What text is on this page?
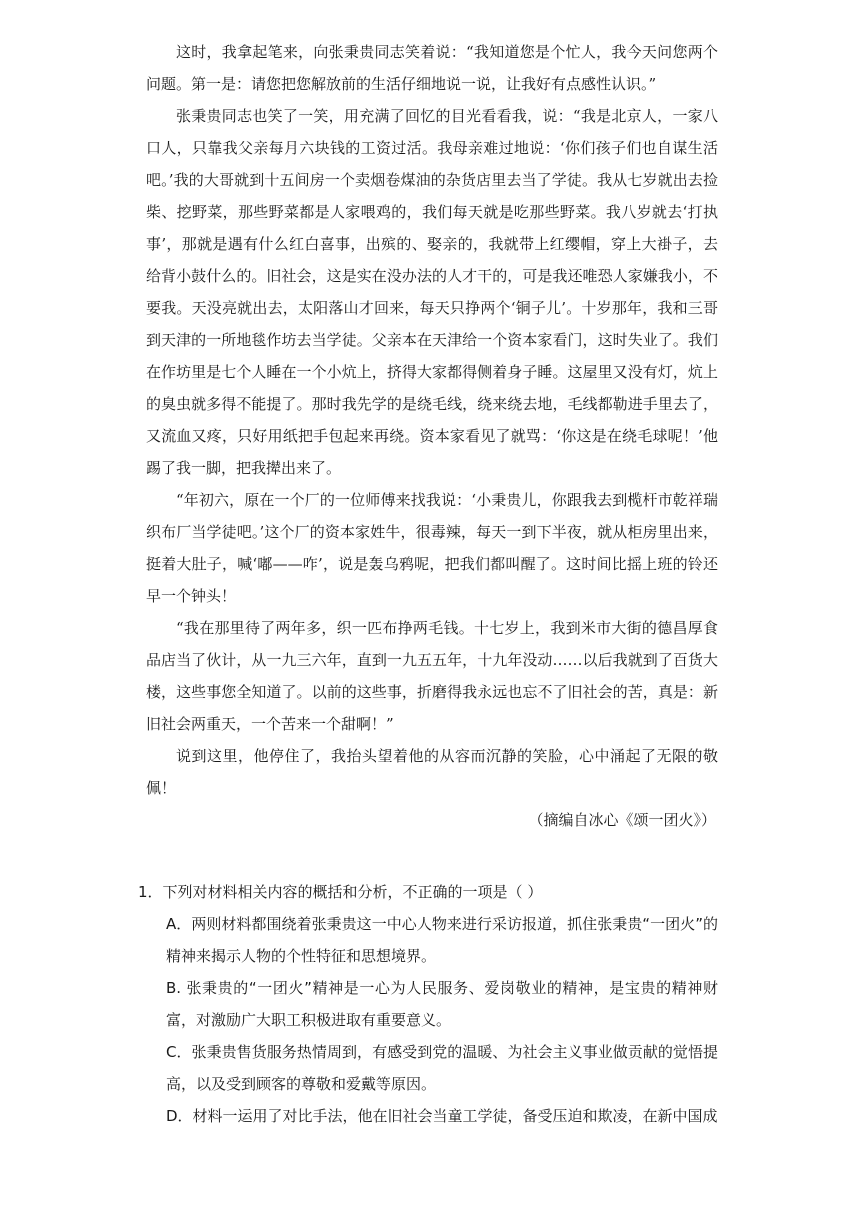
这时，我拿起笔来，向张秉贵同志笑着说：“我知道您是个忙人，我今天问您两个问题。第一是：请您把您解放前的生活仔细地说一说，让我好有点感性认识。”

张秉贵同志也笑了一笑，用充满了回忆的目光看看我，说：“我是北京人，一家八口人，只靠我父亲每月六块钱的工资过活。我母亲难过地说：‘你们孩子们也自谋生活吧。’我的大哥就到十五间房一个卖烟卷煤油的杂货店里去当了学徒。我从七岁就出去捡柴、挖野菜，那些野菜都是人家喂鸡的，我们每天就是吃那些野菜。我八岁就去‘打执事’，那就是遇有什么红白喜事，出殡的、娶亲的，我就带上红缨帽，穿上大褂子，去给背小鼓什么的。旧社会，这是实在没办法的人才干的，可是我还唯恐人家嫌我小，不要我。天没亮就出去，太阳落山才回来，每天只挣两个‘铜子儿’。十岁那年，我和三哥到天津的一所地毯作坊去当学徒。父亲本在天津给一个资本家看门，这时失业了。我们在作坊里是七个人睡在一个小炕上，挤得大家都得侧着身子睡。这屋里又没有灯，炕上的臭虫就多得不能提了。那时我先学的是绕毛线，绕来绕去地，毛线都勒进手里去了，又流血又疼，只好用纸把手包起来再绕。资本家看见了就骂：‘你这是在绕毛球呢！’他踢了我一脚，把我撵出来了。

“年初六，原在一个厂的一位师傅来找我说：‘小秉贵儿，你跟我去到榄杆市乾祥瑞织布厂当学徒吧。’这个厂的资本家姓牛，很毒辣，每天一到下半夜，就从柜房里出来，挺着大肚子，喊‘嘟——咋’，说是轰乌鸦呢，把我们都叫醒了。这时间比摇上班的铃还早一个钟头！

“我在那里待了两年多，织一匹布挣两毛钱。十七岁上，我到米市大街的德昌厚食品店当了伙计，从一九三六年，直到一九五五年，十九年没动……以后我就到了百货大楼，这些事您全知道了。以前的这些事，折磨得我永远也忘不了旧社会的苦，真是：新旧社会两重天，一个苦来一个甜啊！”

说到这里，他停住了，我抬头望着他的从容而沉静的笑脸，心中涌起了无限的敬佩！

（摘编自冰心《颂一团火》）

1．下列对材料相关内容的概括和分析，不正确的一项是（ ）

A．两则材料都围绕着张秉贵这一中心人物来进行采访报道，抓住张秉贵“一团火”的精神来揭示人物的个性特征和思想境界。

B. 张秉贵的“一团火”精神是一心为人民服务、爱岗敬业的精神，是宝贵的精神财富，对激励广大职工积极进取有重要意义。

C．张秉贵售货服务热情周到，有感受到党的温暖、为社会主义事业做贡献的觉悟提高，以及受到顾客的尊敬和爱戴等原因。

D．材料一运用了对比手法，他在旧社会当童工学徒，备受压迫和欺凌，在新中国成
